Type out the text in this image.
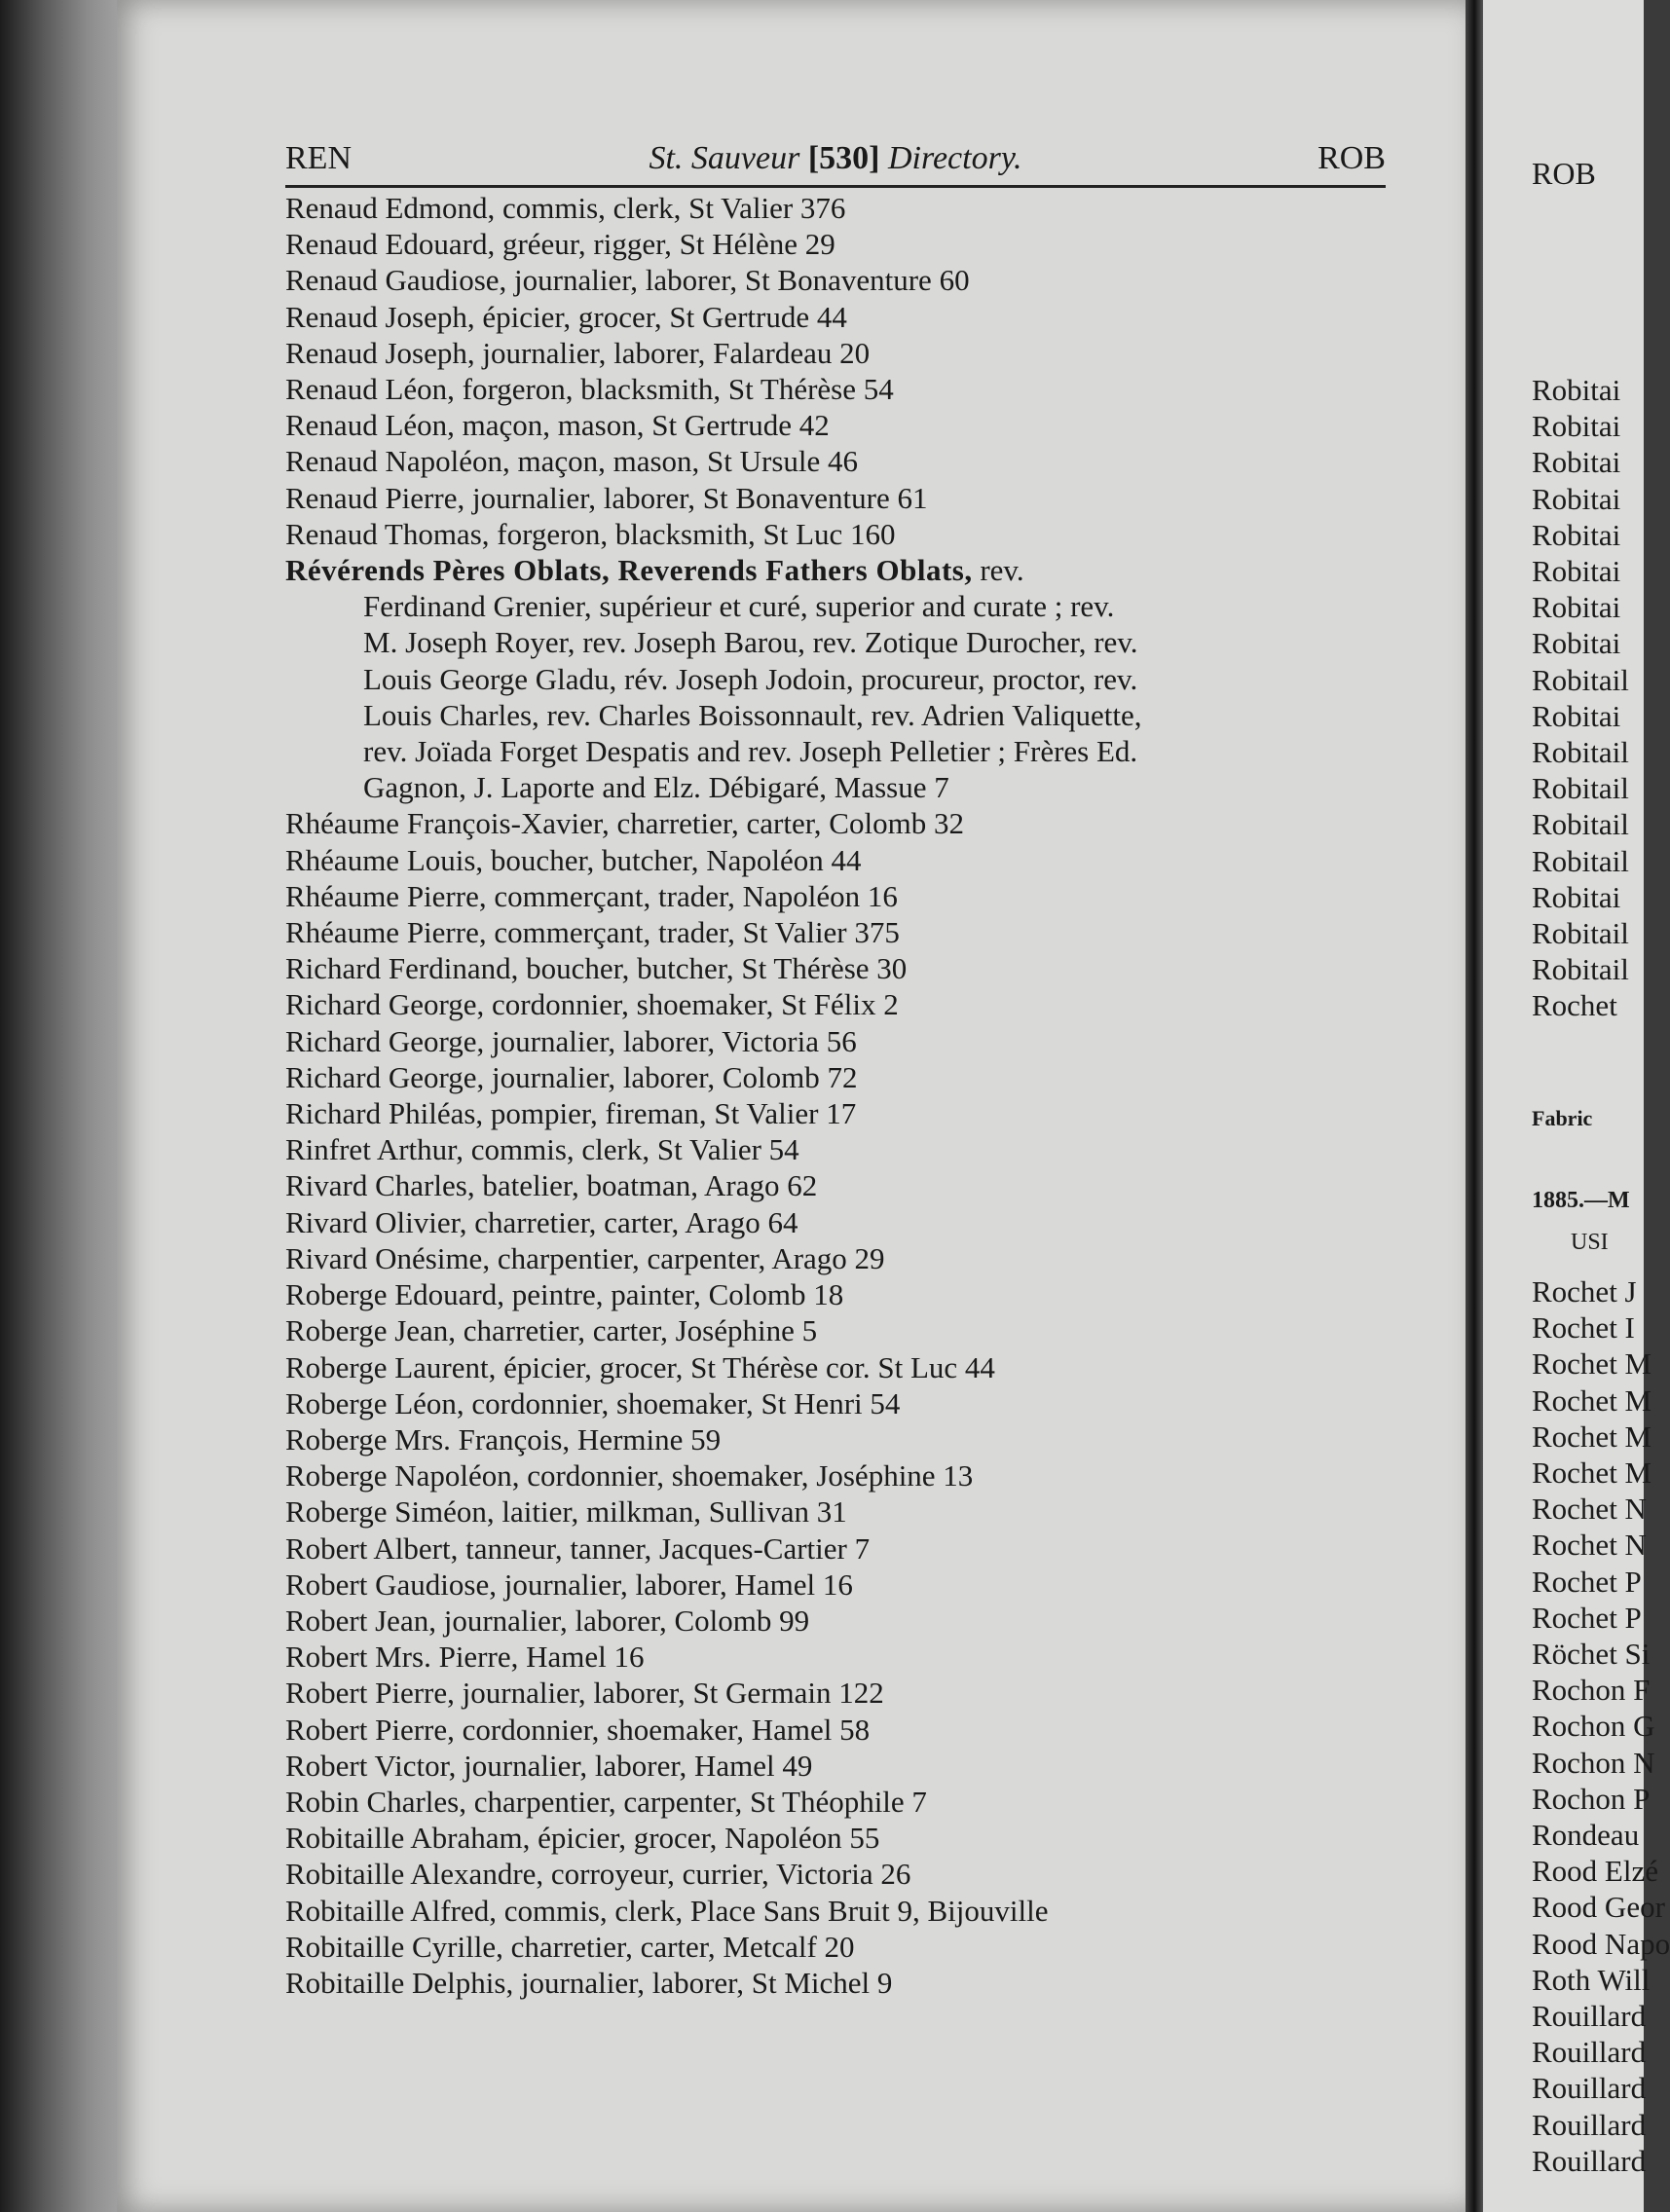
REN	St. Sauveur [530] Directory.	ROB
Renaud Edmond, commis, clerk, St Valier 376
Renaud Edouard, gréeur, rigger, St Hélène 29
Renaud Gaudiose, journalier, laborer, St Bonaventure 60
Renaud Joseph, épicier, grocer, St Gertrude 44
Renaud Joseph, journalier, laborer, Falardeau 20
Renaud Léon, forgeron, blacksmith, St Thérèse 54
Renaud Léon, maçon, mason, St Gertrude 42
Renaud Napoléon, maçon, mason, St Ursule 46
Renaud Pierre, journalier, laborer, St Bonaventure 61
Renaud Thomas, forgeron, blacksmith, St Luc 160
Révérends Pères Oblats, Reverends Fathers Oblats, rev.
Ferdinand Grenier, supérieur et curé, superior and curate ; rev.
M. Joseph Royer, rev. Joseph Barou, rev. Zotique Durocher, rev.
Louis George Gladu, rév. Joseph Jodoin, procureur, proctor, rev.
Louis Charles, rev. Charles Boissonnault, rev. Adrien Valiquette,
rev. Joïada Forget Despatis and rev. Joseph Pelletier ; Frères Ed.
Gagnon, J. Laporte and Elz. Débigaré, Massue 7
Rhéaume François-Xavier, charretier, carter, Colomb 32
Rhéaume Louis, boucher, butcher, Napoléon 44
Rhéaume Pierre, commerçant, trader, Napoléon 16
Rhéaume Pierre, commerçant, trader, St Valier 375
Richard Ferdinand, boucher, butcher, St Thérèse 30
Richard George, cordonnier, shoemaker, St Félix 2
Richard George, journalier, laborer, Victoria 56
Richard George, journalier, laborer, Colomb 72
Richard Philéas, pompier, fireman, St Valier 17
Rinfret Arthur, commis, clerk, St Valier 54
Rivard Charles, batelier, boatman, Arago 62
Rivard Olivier, charretier, carter, Arago 64
Rivard Onésime, charpentier, carpenter, Arago 29
Roberge Edouard, peintre, painter, Colomb 18
Roberge Jean, charretier, carter, Joséphine 5
Roberge Laurent, épicier, grocer, St Thérèse cor. St Luc 44
Roberge Léon, cordonnier, shoemaker, St Henri 54
Roberge Mrs. François, Hermine 59
Roberge Napoléon, cordonnier, shoemaker, Joséphine 13
Roberge Siméon, laitier, milkman, Sullivan 31
Robert Albert, tanneur, tanner, Jacques-Cartier 7
Robert Gaudiose, journalier, laborer, Hamel 16
Robert Jean, journalier, laborer, Colomb 99
Robert Mrs. Pierre, Hamel 16
Robert Pierre, journalier, laborer, St Germain 122
Robert Pierre, cordonnier, shoemaker, Hamel 58
Robert Victor, journalier, laborer, Hamel 49
Robin Charles, charpentier, carpenter, St Théophile 7
Robitaille Abraham, épicier, grocer, Napoléon 55
Robitaille Alexandre, corroyeur, currier, Victoria 26
Robitaille Alfred, commis, clerk, Place Sans Bruit 9, Bijouville
Robitaille Cyrille, charretier, carter, Metcalf 20
Robitaille Delphis, journalier, laborer, St Michel 9
ROB
Robitai
Robitai
Robitai
Robitai
Robitai
Robitai
Robitai
Robitai
Robitail
Robitai
Robitail
Robitail
Robitail
Robitail
Robitai
Robitail
Robitail
Rochet
Fabric
1885.—M
USI
Rochet J
Rochet I
Rochet M
Rochet M
Rochet M
Rochet M
Rochet N
Rochet N
Rochet P
Rochet P
Röchet Si
Rochon F
Rochon G
Rochon N
Rochon P
Rondeau
Rood Elzé
Rood Geor
Rood Napo
Roth Will
Rouillard
Rouillard
Rouillard
Rouillard
Rouillard
